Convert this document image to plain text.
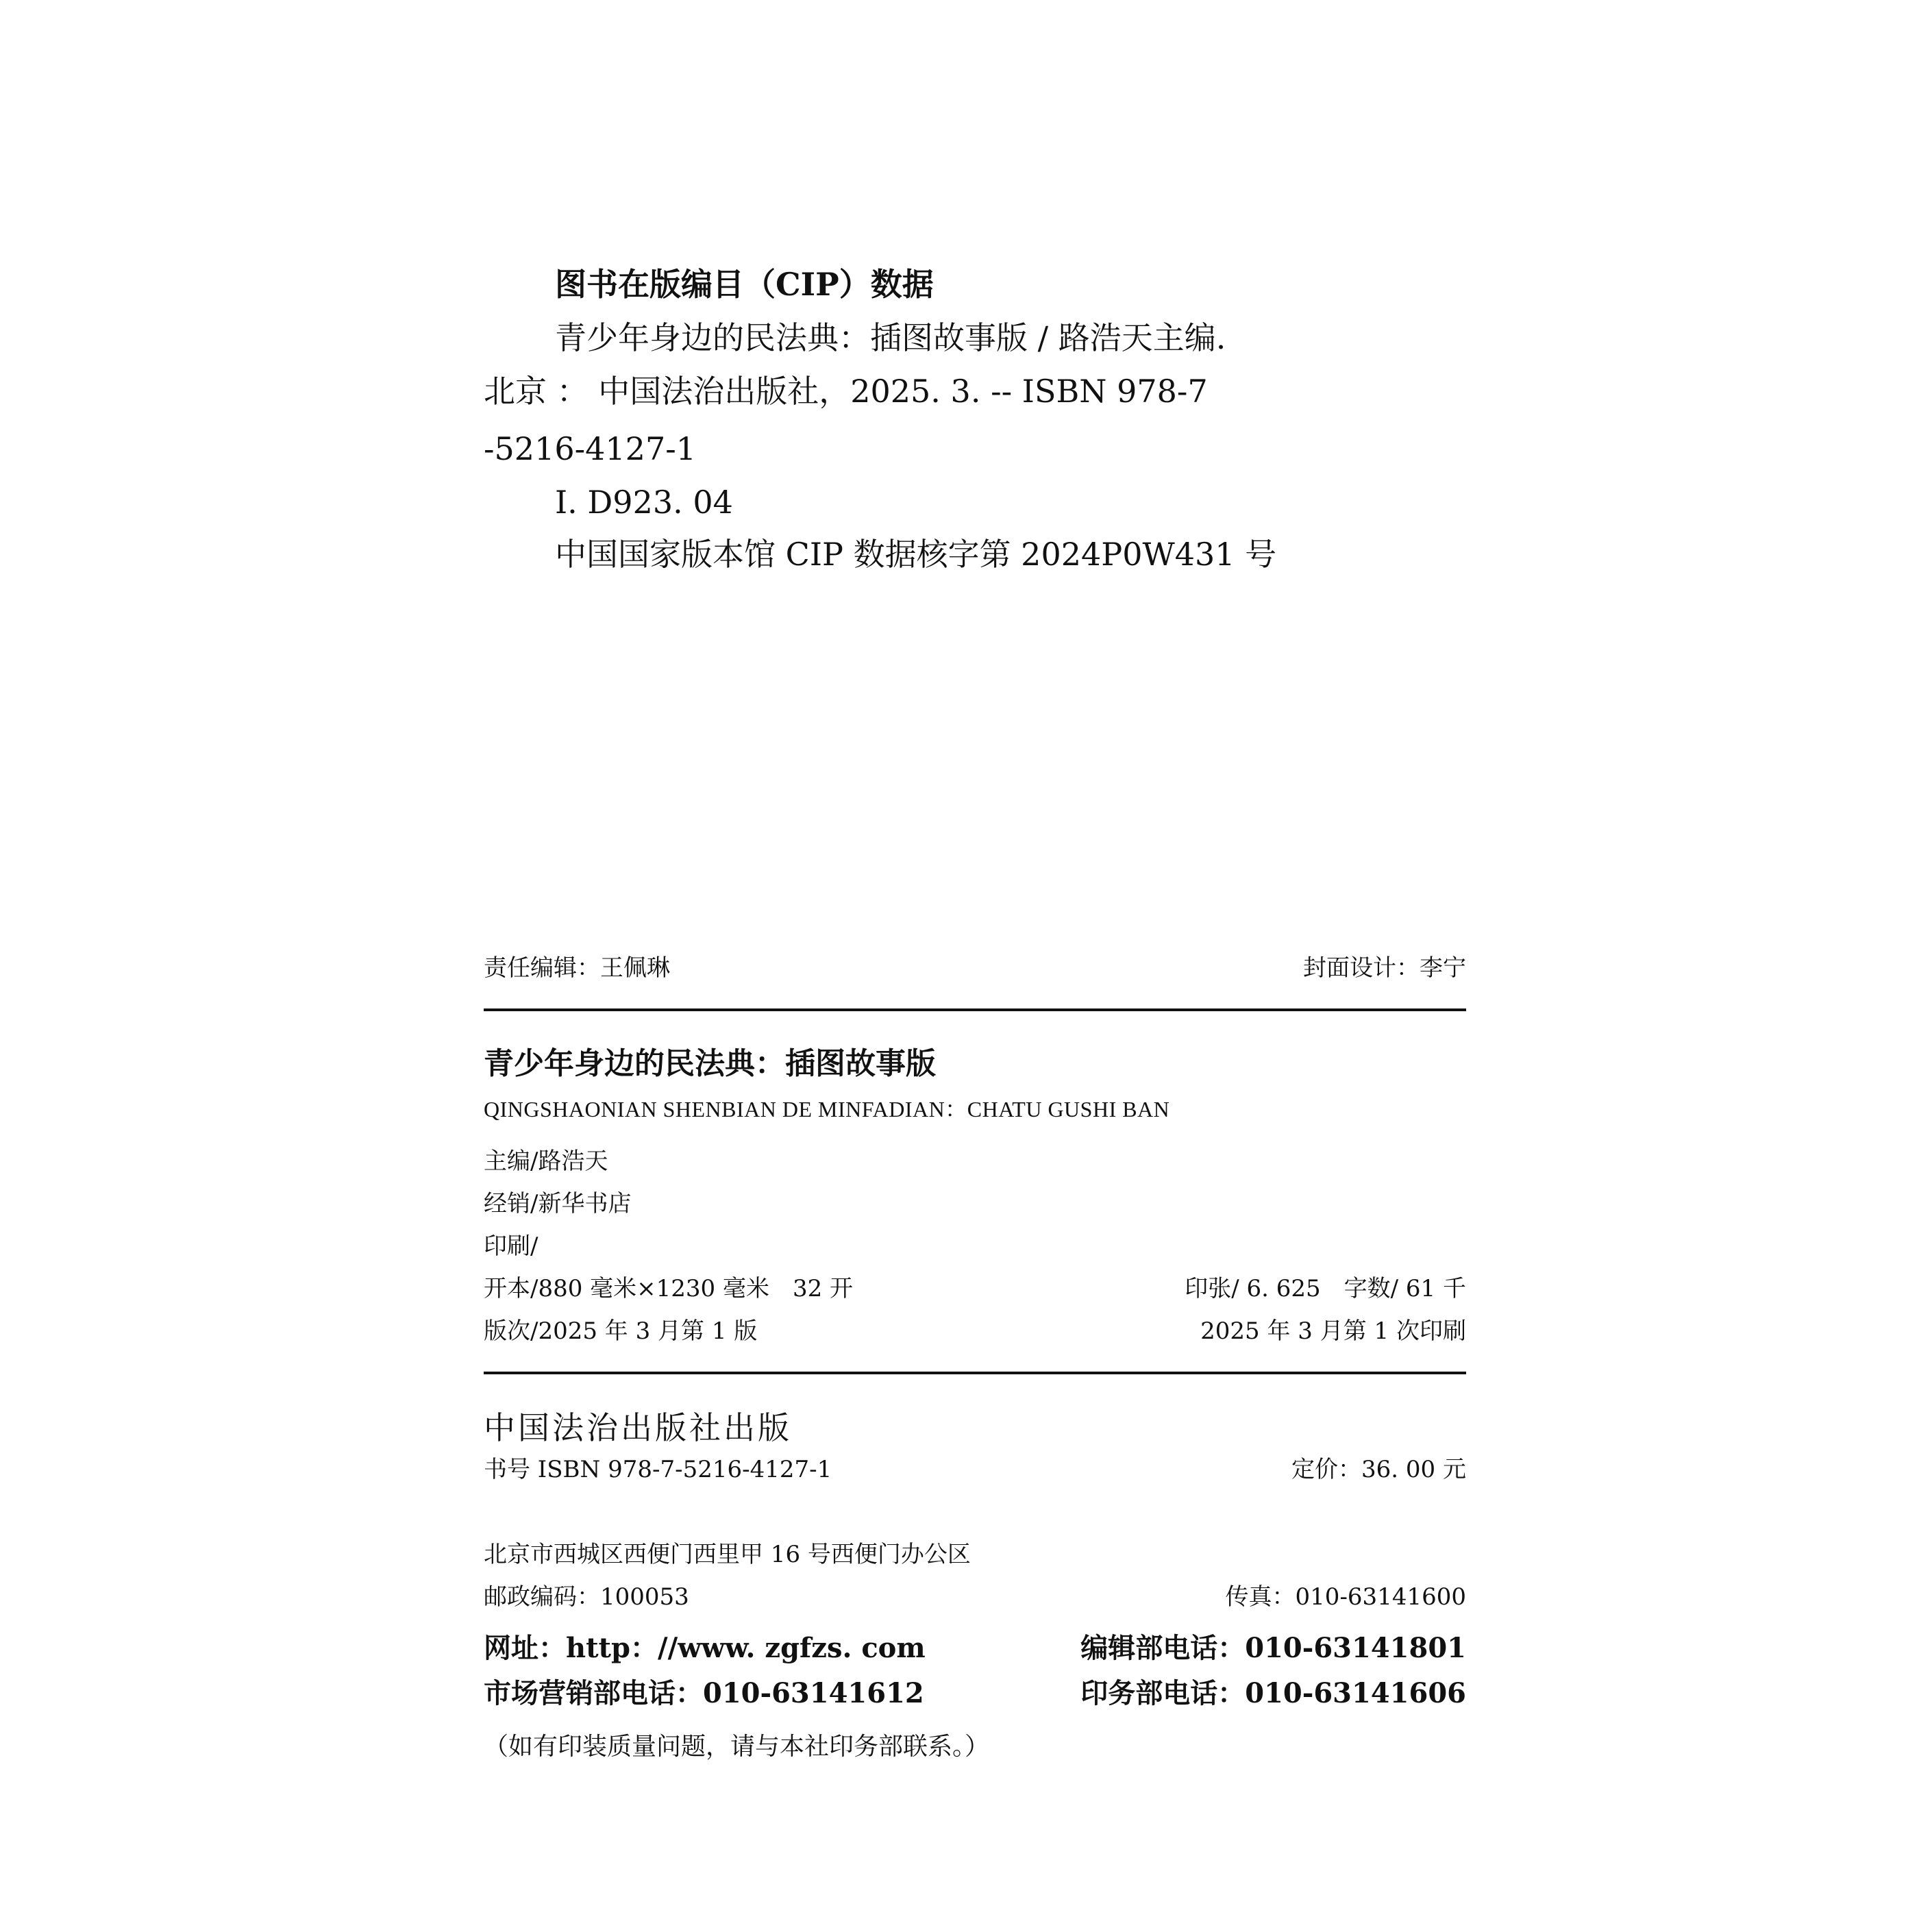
图书在版编目（CIP）数据
青少年身边的民法典：插图故事版 / 路浩天主编.
北京 ： 中国法治出版社，2025. 3. -- ISBN 978-7
-5216-4127-1
Ⅰ. D923. 04
中国国家版本馆 CIP 数据核字第 2024P0W431 号
责任编辑：王佩琳	封面设计：李宁
青少年身边的民法典：插图故事版
QINGSHAONIAN SHENBIAN DE MINFADIAN：CHATU GUSHI BAN
主编/路浩天
经销/新华书店
印刷/
开本/880 毫米×1230 毫米　32 开	印张/ 6. 625　字数/ 61 千
版次/2025 年 3 月第 1 版	2025 年 3 月第 1 次印刷
中国法治出版社出版
书号 ISBN 978-7-5216-4127-1	定价：36. 00 元
北京市西城区西便门西里甲 16 号西便门办公区
邮政编码：100053	传真：010-63141600
网址：http：//www. zgfzs. com	编辑部电话：010-63141801
市场营销部电话：010-63141612	印务部电话：010-63141606
（如有印装质量问题，请与本社印务部联系。）
